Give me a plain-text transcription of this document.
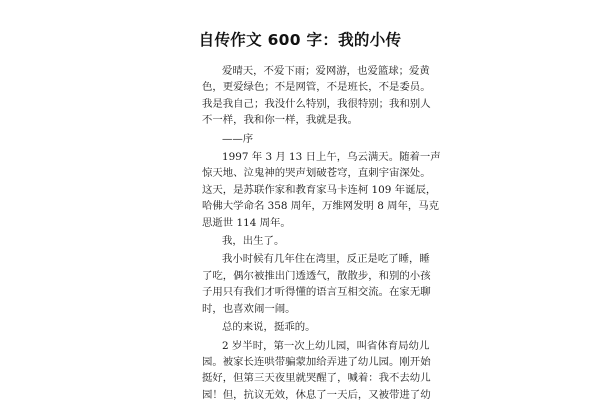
自传作文 600 字：我的小传

爱晴天，不爱下雨；爱网游，也爱篮球；爱黄
色，更爱绿色；不是网管，不是班长，不是委员。
我是我自己；我没什么特别，我很特别；我和别人
不一样，我和你一样，我就是我。

——序

1997 年 3 月 13 日上午，乌云满天。随着一声
惊天地、泣鬼神的哭声划破苍穹，直刺宇宙深处。
这天，是苏联作家和教育家马卡连柯 109 年诞辰，
哈佛大学命名 358 周年，万维网发明 8 周年，马克
思逝世 114 周年。

我，出生了。

我小时候有几年住在湾里，反正是吃了睡，睡
了吃，偶尔被推出门透透气，散散步，和别的小孩
子用只有我们才听得懂的语言互相交流。在家无聊
时，也喜欢闹一闹。

总的来说，挺乖的。

2 岁半时，第一次上幼儿园，叫省体育局幼儿
园。被家长连哄带骗蒙加给弄进了幼儿园。刚开始
挺好，但第三天夜里就哭醒了，喊着：我不去幼儿
园！但，抗议无效，休息了一天后，又被带进了幼
